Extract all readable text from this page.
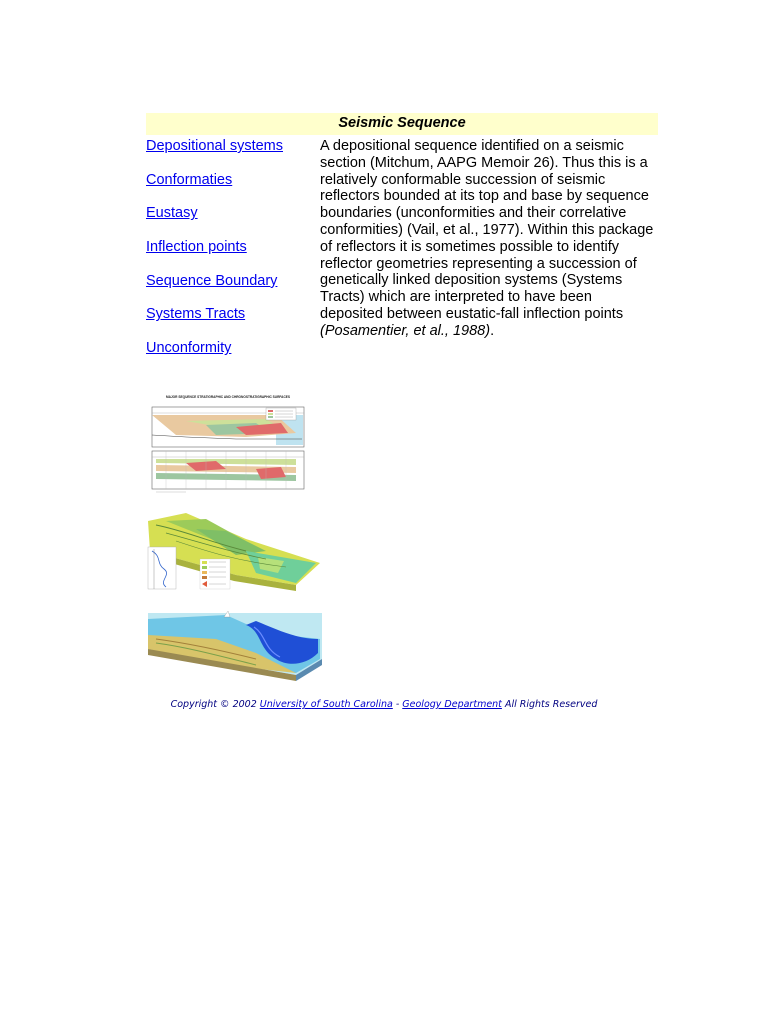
Seismic Sequence
Depositional systems
Conformaties
Eustasy
Inflection points
Sequence Boundary
Systems Tracts
Unconformity
A depositional sequence identified on a seismic section (Mitchum, AAPG Memoir 26). Thus this is a relatively conformable succession of seismic reflectors bounded at its top and base by sequence boundaries (unconformities and their correlative conformities) (Vail, et al., 1977). Within this package of reflectors it is sometimes possible to identify reflector geometries representing a succession of genetically linked deposition systems (Systems Tracts) which are interpreted to have been deposited between eustatic-fall inflection points (Posamentier, et al., 1988).
MAJOR SEQUENCE STRATIGRAPHIC AND CHRONOSTRATIGRAPHIC SURFACES
Copyright © 2002 University of South Carolina - Geology Department All Rights Reserved
